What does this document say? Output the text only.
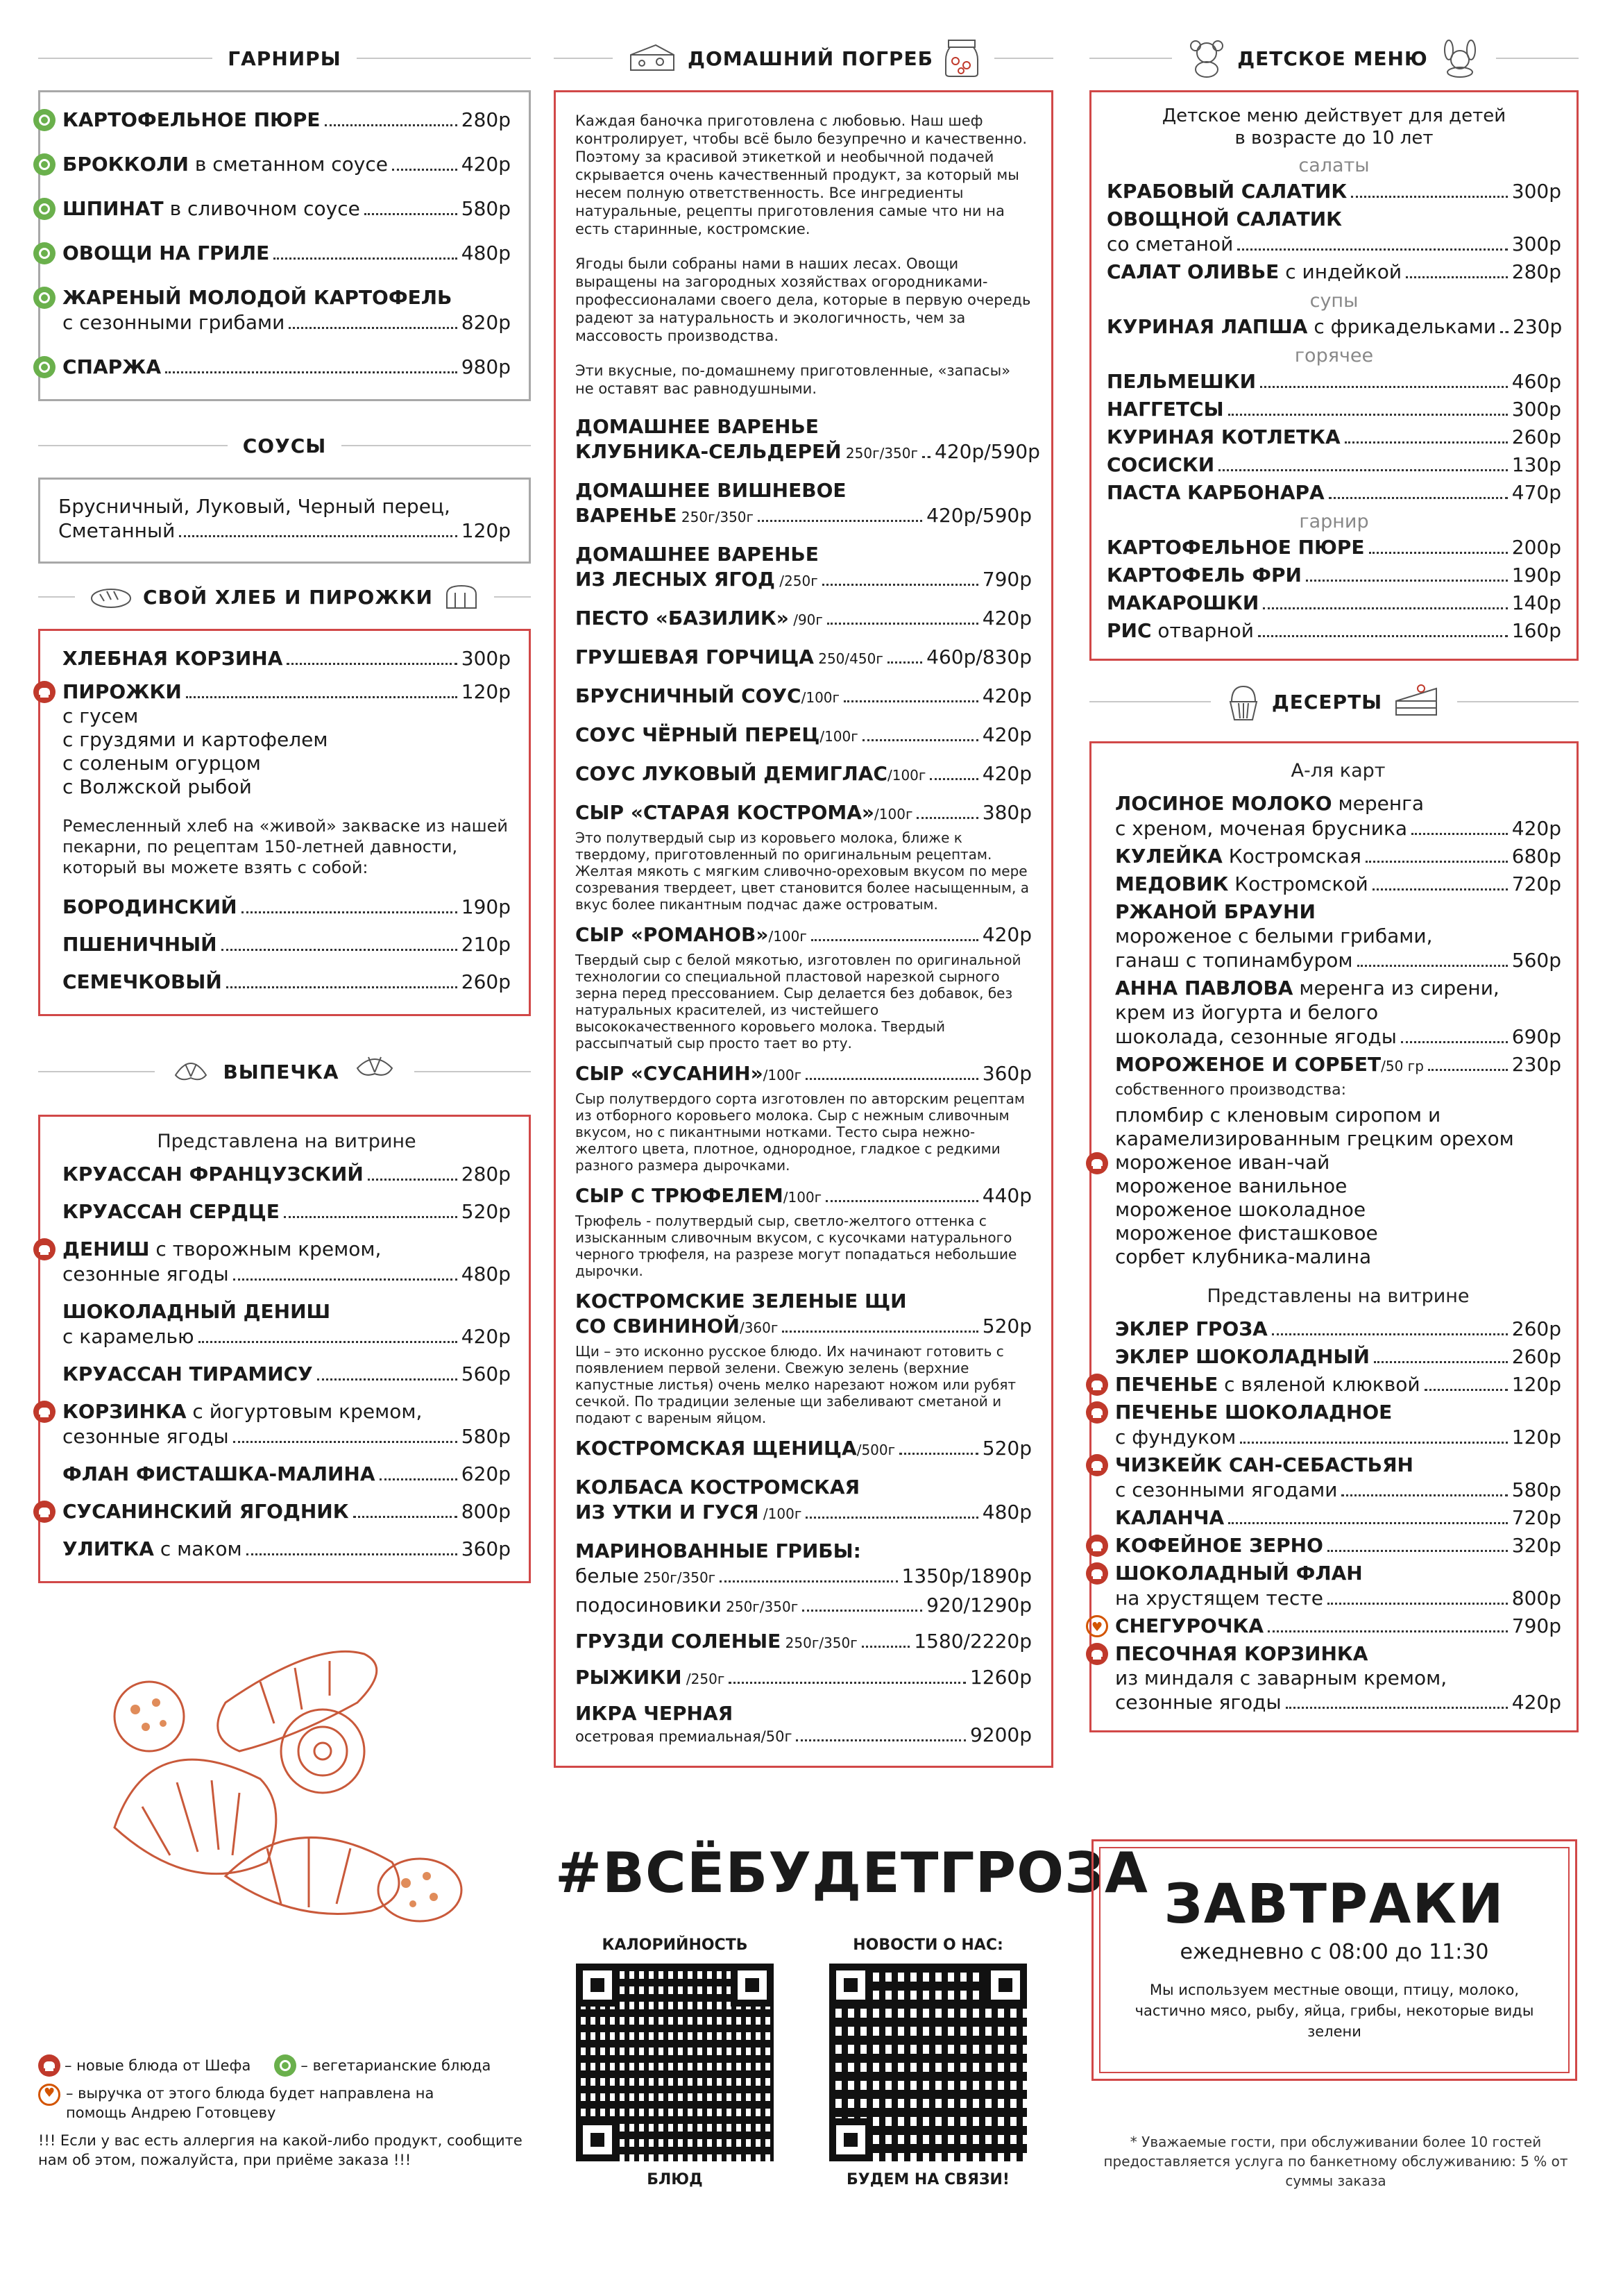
ГАРНИРЫ
КАРТОФЕЛЬНОЕ ПЮРЕ	280р
БРОККОЛИ в сметанном соусе	420р
ШПИНАТ в сливочном соусе	580р
ОВОЩИ НА ГРИЛЕ	480р
ЖАРЕНЫЙ МОЛОДОЙ КАРТОФЕЛЬ
с сезонными грибами	820р
СПАРЖА	980р
СОУСЫ
Брусничный, Луковый, Черный перец,
Сметанный	120р
СВОЙ ХЛЕБ И ПИРОЖКИ
ХЛЕБНАЯ КОРЗИНА	300р
ПИРОЖКИ	120р
с гусем
с грyздями и картофелем
с соленым огурцом
с Волжской рыбой
Ремесленный хлеб на «живой» закваске из нашей пекарни, по рецептам 150-летней давности, который вы можете взять с собой:
БОРОДИНСКИЙ	190р
ПШЕНИЧНЫЙ	210р
СЕМЕЧКОВЫЙ	260р
ВЫПЕЧКА
Представлена на витрине
КРУАССАН ФРАНЦУЗСКИЙ	280р
КРУАССАН СЕРДЦЕ	520р
ДЕНИШ с творожным кремом,
сезонные ягоды	480р
ШОКОЛАДНЫЙ ДЕНИШ
с карамелью	420р
КРУАССАН ТИРАМИСУ	560р
КОРЗИНКА с йогуртовым кремом,
сезонные ягоды	580р
ФЛАН ФИСТАШКА-МАЛИНА	620р
СУСАНИНСКИЙ ЯГОДНИК	800р
УЛИТКА с маком	360р
– новые блюда от Шефа	– вегетарианские блюда
♥
– выручка от этого блюда будет направлена на помощь Андрею Готовцеву
!!! Если у вас есть аллергия на какой-либо продукт, сообщите нам об этом, пожалуйста, при приёме заказа !!!
ДОМАШНИЙ ПОГРЕБ
Каждая баночка приготовлена с любовью. Наш шеф контролирует, чтобы всё было безупречно и качественно. Поэтому за красивой этикеткой и необычной подачей скрывается очень качественный продукт, за который мы несем полную ответственность. Все ингредиенты натуральные, рецепты приготовления самые что ни на есть старинные, костромские.
Ягоды были собраны нами в наших лесах. Овощи выращены на загородных хозяйствах огородниками-профессионалами своего дела, которые в первую очередь радеют за натуральность и экологичность, чем за массовость производства.
Эти вкусные, по-домашнему приготовленные, «запасы» не оставят вас равнодушными.
ДОМАШНЕЕ ВАРЕНЬЕ
КЛУБНИКА-СЕЛЬДЕРЕЙ 250г/350г 420р/590р
ДОМАШНЕЕ ВИШНЕВОЕ
ВАРЕНЬЕ 250г/350г	420р/590р
ДОМАШНЕЕ ВАРЕНЬЕ
ИЗ ЛЕСНЫХ ЯГОД /250г	790р
ПЕСТО «БАЗИЛИК» /90г	420р
ГРУШЕВАЯ ГОРЧИЦА 250/450г 460р/830р
БРУСНИЧНЫЙ СОУС/100г	420р
СОУС ЧЁРНЫЙ ПЕРЕЦ/100г	420р
СОУС ЛУКОВЫЙ ДЕМИГЛАС/100г	420р
СЫР «СТАРАЯ КОСТРОМА»/100г	380р
Это полутвердый сыр из коровьего молока, ближе к твердому, приготовленный по оригинальным рецептам. Желтая мякоть с мягким сливочно-ореховым вкусом по мере созревания твердеет, цвет становится более насыщенным, а вкус более пикантным подчас даже островатым.
СЫР «РОМАНОВ»/100г	420р
Твердый сыр с белой мякотью, изготовлен по оригинальной технологии со специальной пластовой нарезкой сырного зерна перед прессованием. Сыр делается без добавок, без натуральных красителей, из чистейшего высококачественного коровьего молока. Твердый рассыпчатый сыр просто тает во рту.
СЫР «СУСАНИН»/100г	360р
Сыр полутвердого сорта изготовлен по авторским рецептам из отборного коровьего молока. Сыр с нежным сливочным вкусом, но с пикантными нотками. Тесто сыра нежно-желтого цвета, плотное, однородное, гладкое с редкими разного размера дырочками.
СЫР С ТРЮФЕЛЕМ/100г	440р
Трюфель - полутвердый сыр, светло-желтого оттенка с изысканным сливочным вкусом, с кусочками натурального черного трюфеля, на разрезе могут попадаться небольшие дырочки.
КОСТРОМСКИЕ ЗЕЛЕНЫЕ ЩИ
СО СВИНИНОЙ/360г	520р
Щи – это исконно русское блюдо. Их начинают готовить с появлением первой зелени. Свежую зелень (верхние капустные листья) очень мелко нарезают ножом или рубят сечкой. По традиции зеленые щи забеливают сметаной и подают с вареным яйцом.
КОСТРОМСКАЯ ЩЕНИЦА/500г	520р
КОЛБАСА КОСТРОМСКАЯ
ИЗ УТКИ И ГУСЯ /100г	480р
МАРИНОВАННЫЕ ГРИБЫ:
белые 250г/350г	1350р/1890р
подосиновики 250г/350г	920/1290р
ГРУЗДИ СОЛЕНЫЕ 250г/350г	1580/2220р
РЫЖИКИ /250г	1260р
ИКРА ЧЕРНАЯ
осетровая премиальная/50г	9200р
#ВСЁБУДЕТГРОЗА
КАЛОРИЙНОСТЬ
БЛЮД
НОВОСТИ О НАС:
БУДЕМ НА СВЯЗИ!
ДЕТСКОЕ МЕНЮ
Детское меню действует для детей
в возрасте до 10 лет
салаты
КРАБОВЫЙ САЛАТИК	300р
ОВОЩНОЙ САЛАТИК
со сметаной	300р
САЛАТ ОЛИВЬЕ с индейкой	280р
супы
КУРИНАЯ ЛАПША с фрикадельками 230р
горячее
ПЕЛЬМЕШКИ	460р
НАГГЕТСЫ	300р
КУРИНАЯ КОТЛЕТКА	260р
СОСИСКИ	130р
ПАСТА КАРБОНАРА	470р
гарнир
КАРТОФЕЛЬНОЕ ПЮРЕ	200р
КАРТОФЕЛЬ ФРИ	190р
МАКАРОШКИ	140р
РИС отварной	160р
ДЕСЕРТЫ
А-ля карт
ЛОСИНОЕ МОЛОКО меренга
с хреном, моченая брусника	420р
КУЛЕЙКА Костромская	680р
МЕДОВИК Костромской	720р
РЖАНОЙ БРАУНИ
мороженое с белыми грибами,
ганаш с топинамбуром	560р
АННА ПАВЛОВА меренга из сирени,
крем из йогурта и белого
шоколада, сезонные ягоды	690р
МОРОЖЕНОЕ И СОРБЕТ/50 гр	230р
собственного производства:
пломбир с кленовым сиропом и
карамелизированным грецким орехом
мороженое иван-чай
мороженое ванильное
мороженое шоколадное
мороженое фисташковое
сорбет клубника-малина
Представлены на витрине
ЭКЛЕР ГРОЗА	260р
ЭКЛЕР ШОКОЛАДНЫЙ	260р
ПЕЧЕНЬЕ с вяленой клюквой	120р
ПЕЧЕНЬЕ ШОКОЛАДНОЕ
с фундуком	120р
ЧИЗКЕЙК САН-СЕБАСТЬЯН
с сезонными ягодами	580р
КАЛАНЧА	720р
КОФЕЙНОЕ ЗЕРНО	320р
ШОКОЛАДНЫЙ ФЛАН
на хрустящем тесте	800р
♥
СНЕГУРОЧКА	790р
ПЕСОЧНАЯ КОРЗИНКА
из миндаля с заварным кремом,
сезонные ягоды	420р
ЗАВТРАКИ
ежедневно с 08:00 до 11:30
Мы используем местные овощи, птицу, молоко, частично мясо, рыбу, яйца, грибы, некоторые виды зелени
* Уважаемые гости, при обслуживании более 10 гостей предоставляется услуга по банкетному обслуживанию: 5 % от суммы заказа
